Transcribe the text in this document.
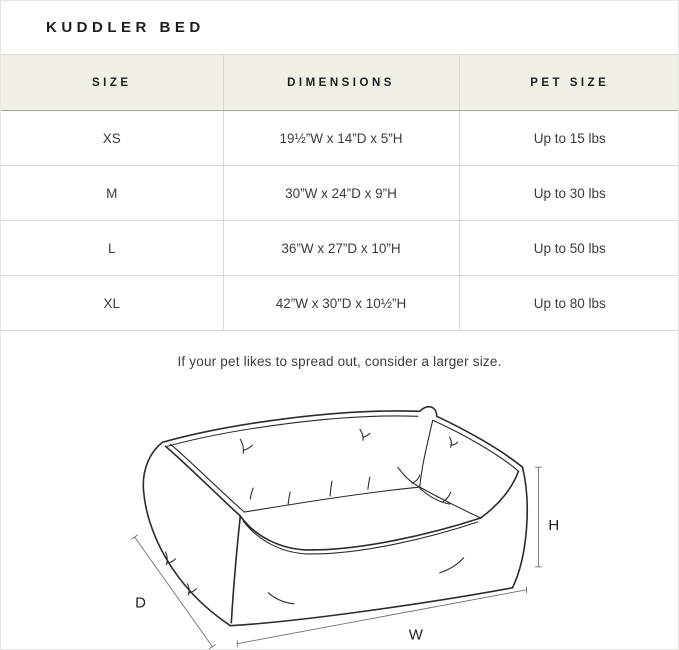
KUDDLER BED
SIZE	DIMENSIONS	PET SIZE
XS	19½”W x 14”D x 5”H	Up to 15 lbs
M	30”W x 24”D x 9”H	Up to 30 lbs
L	36”W x 27”D x 10”H	Up to 50 lbs
XL	42”W x 30”D x 10½”H	Up to 80 lbs

If your pet likes to spread out, consider a larger size.

D
W
H
